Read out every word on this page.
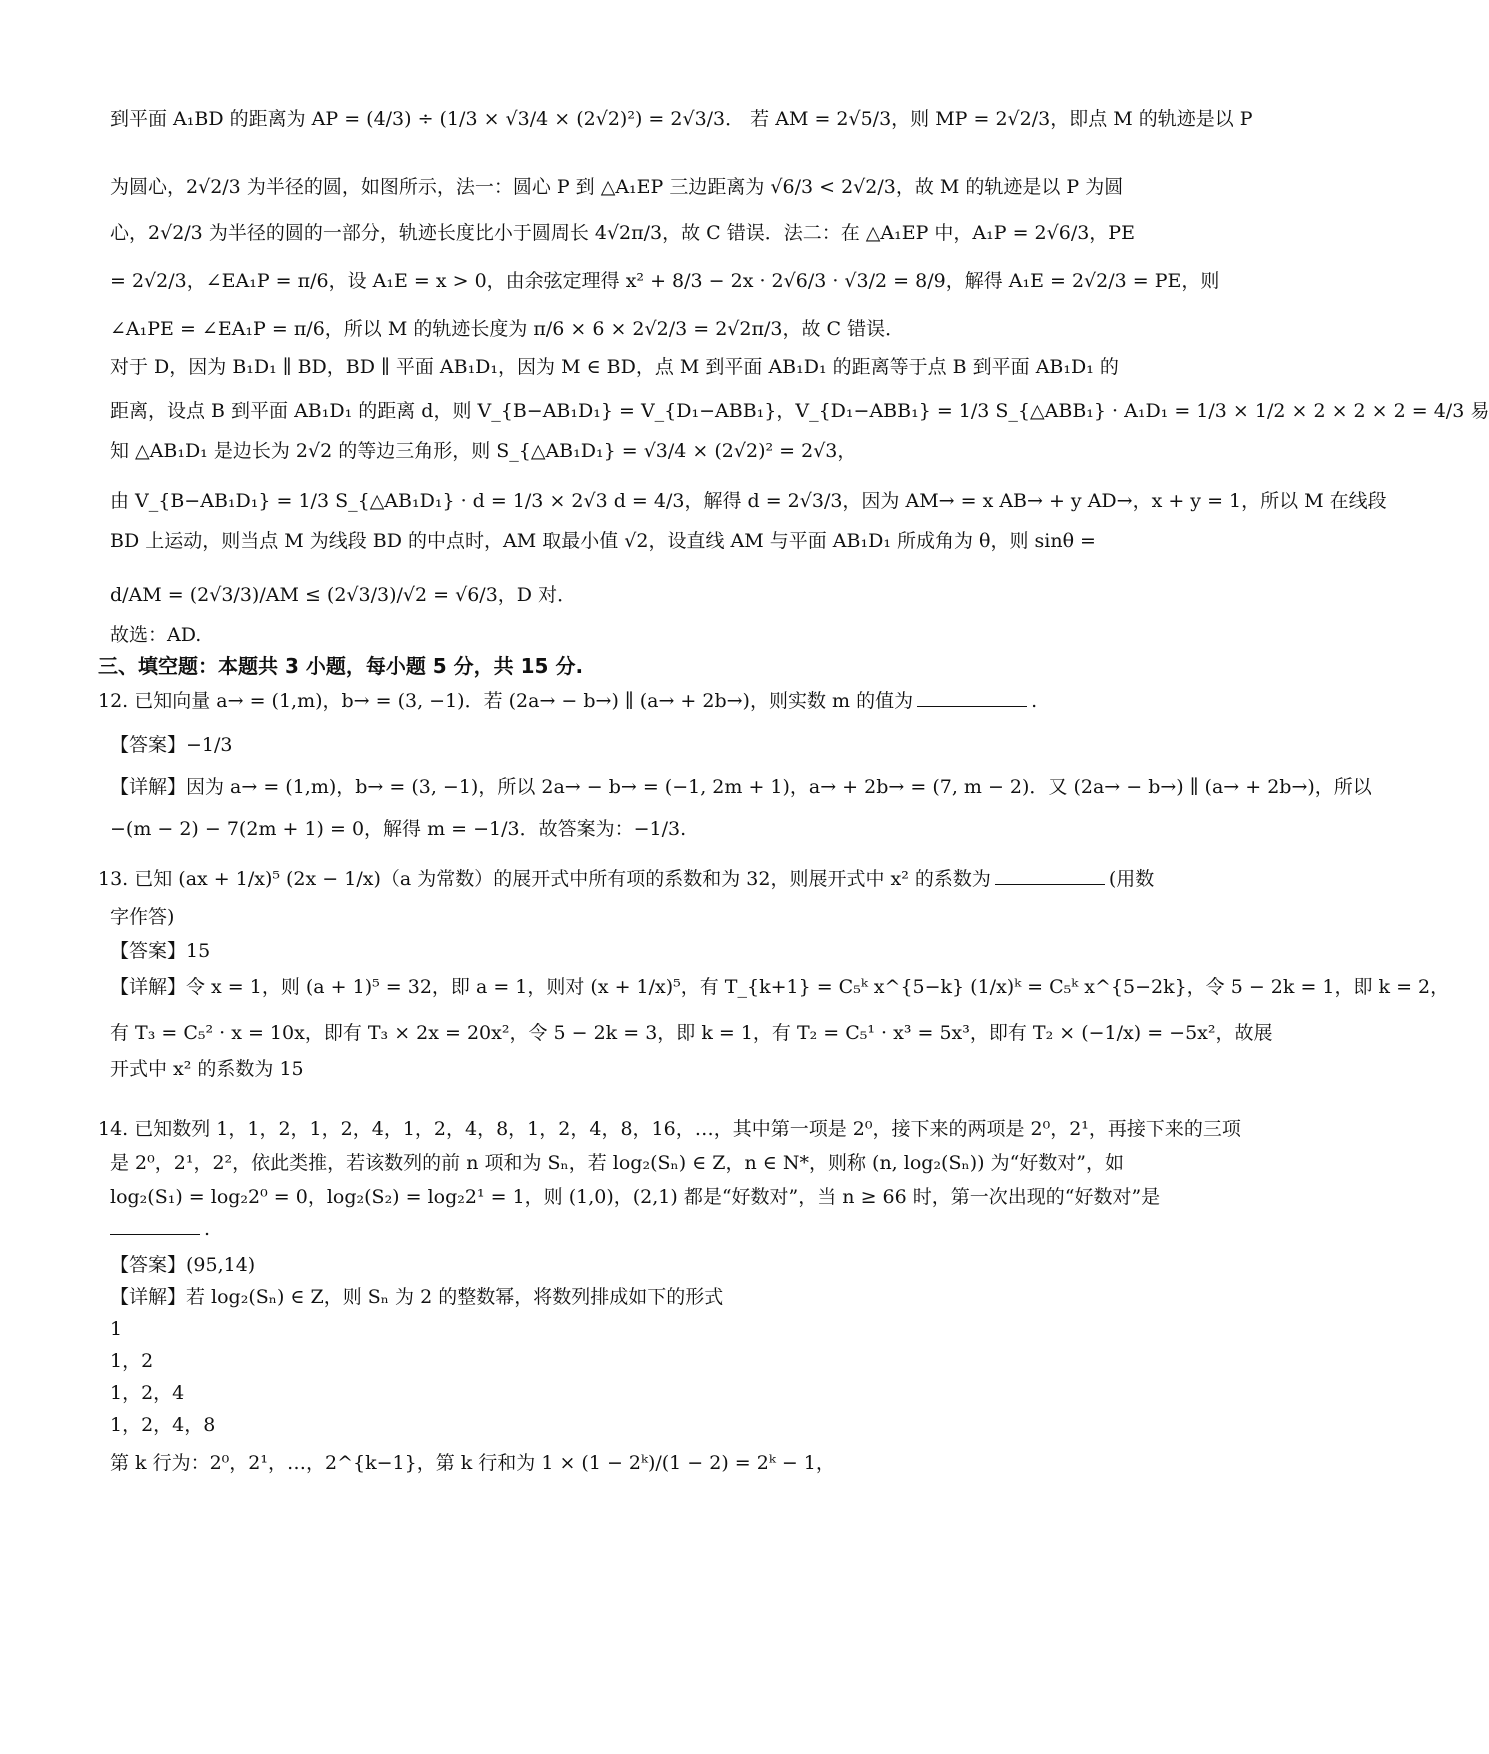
到平面 A₁BD 的距离为 AP = (4/3) ÷ (1/3 × √3/4 × (2√2)²) = 2√3/3． 若 AM = 2√5/3，则 MP = 2√2/3，即点 M 的轨迹是以 P
为圆心，2√2/3 为半径的圆，如图所示，法一：圆心 P 到 △A₁EP 三边距离为 √6/3 < 2√2/3，故 M 的轨迹是以 P 为圆
心，2√2/3 为半径的圆的一部分，轨迹长度比小于圆周长 4√2π/3，故 C 错误．法二：在 △A₁EP 中，A₁P = 2√6/3，PE
= 2√2/3，∠EA₁P = π/6，设 A₁E = x > 0，由余弦定理得 x² + 8/3 − 2x · 2√6/3 · √3/2 = 8/9，解得 A₁E = 2√2/3 = PE，则
∠A₁PE = ∠EA₁P = π/6，所以 M 的轨迹长度为 π/6 × 6 × 2√2/3 = 2√2π/3，故 C 错误．
对于 D，因为 B₁D₁ ∥ BD，BD ∥ 平面 AB₁D₁，因为 M ∈ BD，点 M 到平面 AB₁D₁ 的距离等于点 B 到平面 AB₁D₁ 的
距离，设点 B 到平面 AB₁D₁ 的距离 d，则 V_{B−AB₁D₁} = V_{D₁−ABB₁}，V_{D₁−ABB₁} = 1/3 S_{△ABB₁} · A₁D₁ = 1/3 × 1/2 × 2 × 2 × 2 = 4/3 易
知 △AB₁D₁ 是边长为 2√2 的等边三角形，则 S_{△AB₁D₁} = √3/4 × (2√2)² = 2√3，
由 V_{B−AB₁D₁} = 1/3 S_{△AB₁D₁} · d = 1/3 × 2√3 d = 4/3，解得 d = 2√3/3，因为 AM→ = x AB→ + y AD→，x + y = 1，所以 M 在线段
BD 上运动，则当点 M 为线段 BD 的中点时，AM 取最小值 √2，设直线 AM 与平面 AB₁D₁ 所成角为 θ，则 sinθ =
d/AM = (2√3/3)/AM ≤ (2√3/3)/√2 = √6/3，D 对．
故选：AD.
三、填空题：本题共 3 小题，每小题 5 分，共 15 分.
12. 已知向量 a→ = (1,m)，b→ = (3, −1)．若 (2a→ − b→) ∥ (a→ + 2b→)，则实数 m 的值为	.
【答案】−1/3
【详解】因为 a→ = (1,m)，b→ = (3, −1)，所以 2a→ − b→ = (−1, 2m + 1)，a→ + 2b→ = (7, m − 2)．又 (2a→ − b→) ∥ (a→ + 2b→)，所以
−(m − 2) − 7(2m + 1) = 0，解得 m = −1/3．故答案为：−1/3.
13. 已知 (ax + 1/x)⁵ (2x − 1/x)（a 为常数）的展开式中所有项的系数和为 32，则展开式中 x² 的系数为	(用数
字作答)
【答案】15
【详解】令 x = 1，则 (a + 1)⁵ = 32，即 a = 1，则对 (x + 1/x)⁵，有 T_{k+1} = C₅ᵏ x^{5−k} (1/x)ᵏ = C₅ᵏ x^{5−2k}，令 5 − 2k = 1，即 k = 2，
有 T₃ = C₅² · x = 10x，即有 T₃ × 2x = 20x²，令 5 − 2k = 3，即 k = 1，有 T₂ = C₅¹ · x³ = 5x³，即有 T₂ × (−1/x) = −5x²，故展
开式中 x² 的系数为 15
14. 已知数列 1，1，2，1，2，4，1，2，4，8，1，2，4，8，16，…，其中第一项是 2⁰，接下来的两项是 2⁰，2¹，再接下来的三项
是 2⁰，2¹，2²，依此类推，若该数列的前 n 项和为 Sₙ，若 log₂(Sₙ) ∈ Z，n ∈ N*，则称 (n, log₂(Sₙ)) 为“好数对”，如
log₂(S₁) = log₂2⁰ = 0，log₂(S₂) = log₂2¹ = 1，则 (1,0)，(2,1) 都是“好数对”，当 n ≥ 66 时，第一次出现的“好数对”是
.
【答案】(95,14)
【详解】若 log₂(Sₙ) ∈ Z，则 Sₙ 为 2 的整数幂，将数列排成如下的形式
1
1，2
1，2，4
1，2，4，8
第 k 行为：2⁰，2¹，…，2^{k−1}，第 k 行和为 1 × (1 − 2ᵏ)/(1 − 2) = 2ᵏ − 1，
